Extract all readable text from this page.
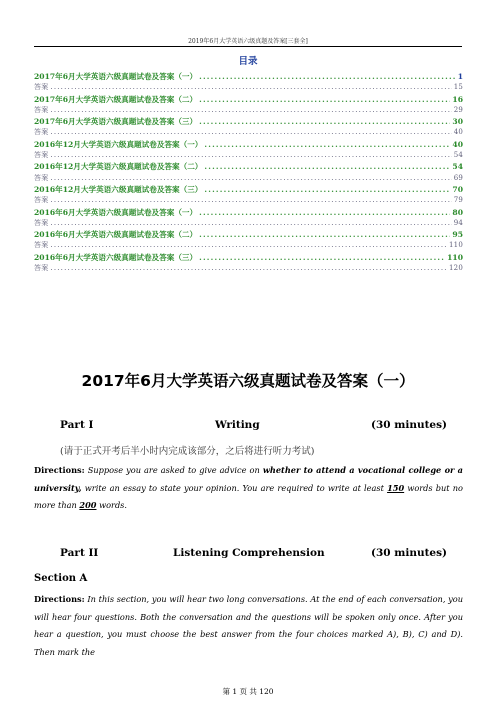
2019年6月大学英语六级真题及答案[三套全]
目录
2017年6月大学英语六级真题试卷及答案（一） .....	1
答案 .....	15
2017年6月大学英语六级真题试卷及答案（二） .....	16
答案 .....	29
2017年6月大学英语六级真题试卷及答案（三） .....	30
答案 .....	40
2016年12月大学英语六级真题试卷及答案（一） .....	40
答案 .....	54
2016年12月大学英语六级真题试卷及答案（二） .....	54
答案 .....	69
2016年12月大学英语六级真题试卷及答案（三） .....	70
答案 .....	79
2016年6月大学英语六级真题试卷及答案（一） .....	80
答案 .....	94
2016年6月大学英语六级真题试卷及答案（二） .....	95
答案 .....	110
2016年6月大学英语六级真题试卷及答案（三） .....	110
答案 .....	120
2017年6月大学英语六级真题试卷及答案（一）
Part I	Writing	(30 minutes)
(请于正式开考后半小时内完成该部分，之后将进行听力考试)
Directions: Suppose you are asked to give advice on whether to attend a vocational college or a university, write an essay to state your opinion. You are required to write at least 150 words but no more than 200 words.
Part II	Listening Comprehension	(30 minutes)
Section A
Directions: In this section, you will hear two long conversations. At the end of each conversation, you will hear four questions. Both the conversation and the questions will be spoken only once. After you hear a question, you must choose the best answer from the four choices marked A), B), C) and D). Then mark the
第 1 页 共 120
